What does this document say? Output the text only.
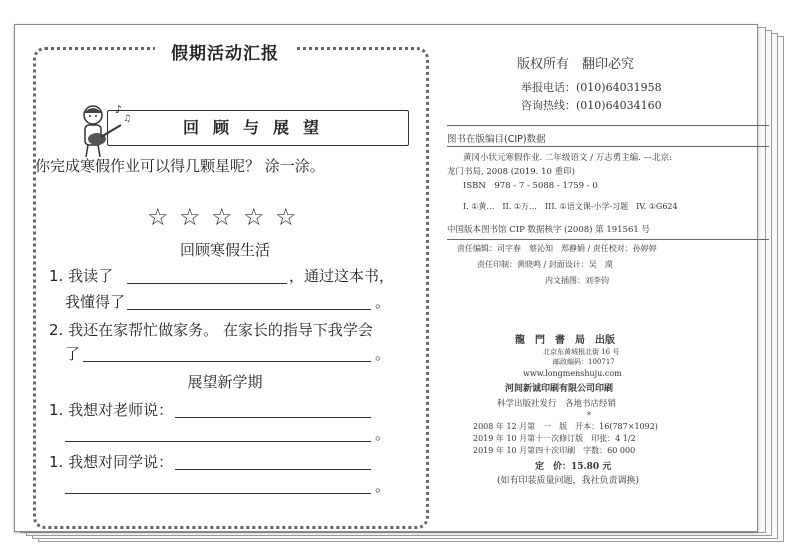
假期活动汇报
♪
♫	回顾与展望
你完成寒假作业可以得几颗星呢？ 涂一涂。
☆ ☆ ☆ ☆ ☆
回顾寒假生活
1. 我读了	，通过这本书，
我懂得了	。
2. 我还在家帮忙做家务。 在家长的指导下我学会
了	。
展望新学期
1. 我想对老师说：
。
1. 我想对同学说：
。
版权所有　翻印必究
举报电话：(010)64031958
咨询热线：(010)64034160
图书在版编目(CIP)数据
黄冈小状元寒假作业. 二年级语文 / 万志勇主编. —北京:
龙门书局, 2008 (2019. 10 重印)
ISBN　978 - 7 - 5088 - 1759 - 0
I. ①黄…　II. ①万…　III. ①语文课-小学-习题　IV. ①G624
中国版本图书馆 CIP 数据核字 (2008) 第 191561 号
责任编辑：司宇春　蔡沁知　郑静娟 / 责任校对：孙婷婷
责任印制：黄晓鸣 / 封面设计：吴　漠
内文插图：刘李钧
龍　門　書　局　出版
北京东黄城根北街 16 号
邮政编码：100717
www.longmenshuju.com
河间新诚印刷有限公司印刷
科学出版社发行　各地书店经销
*
2008 年 12 月第　一　版　开本：16(787×1092)
2019 年 10 月第十一次修订版　印张：4 1/2
2019 年 10 月第四十次印刷　字数：60 000
定　价：15.80 元
(如有印装质量问题，我社负责调换)
